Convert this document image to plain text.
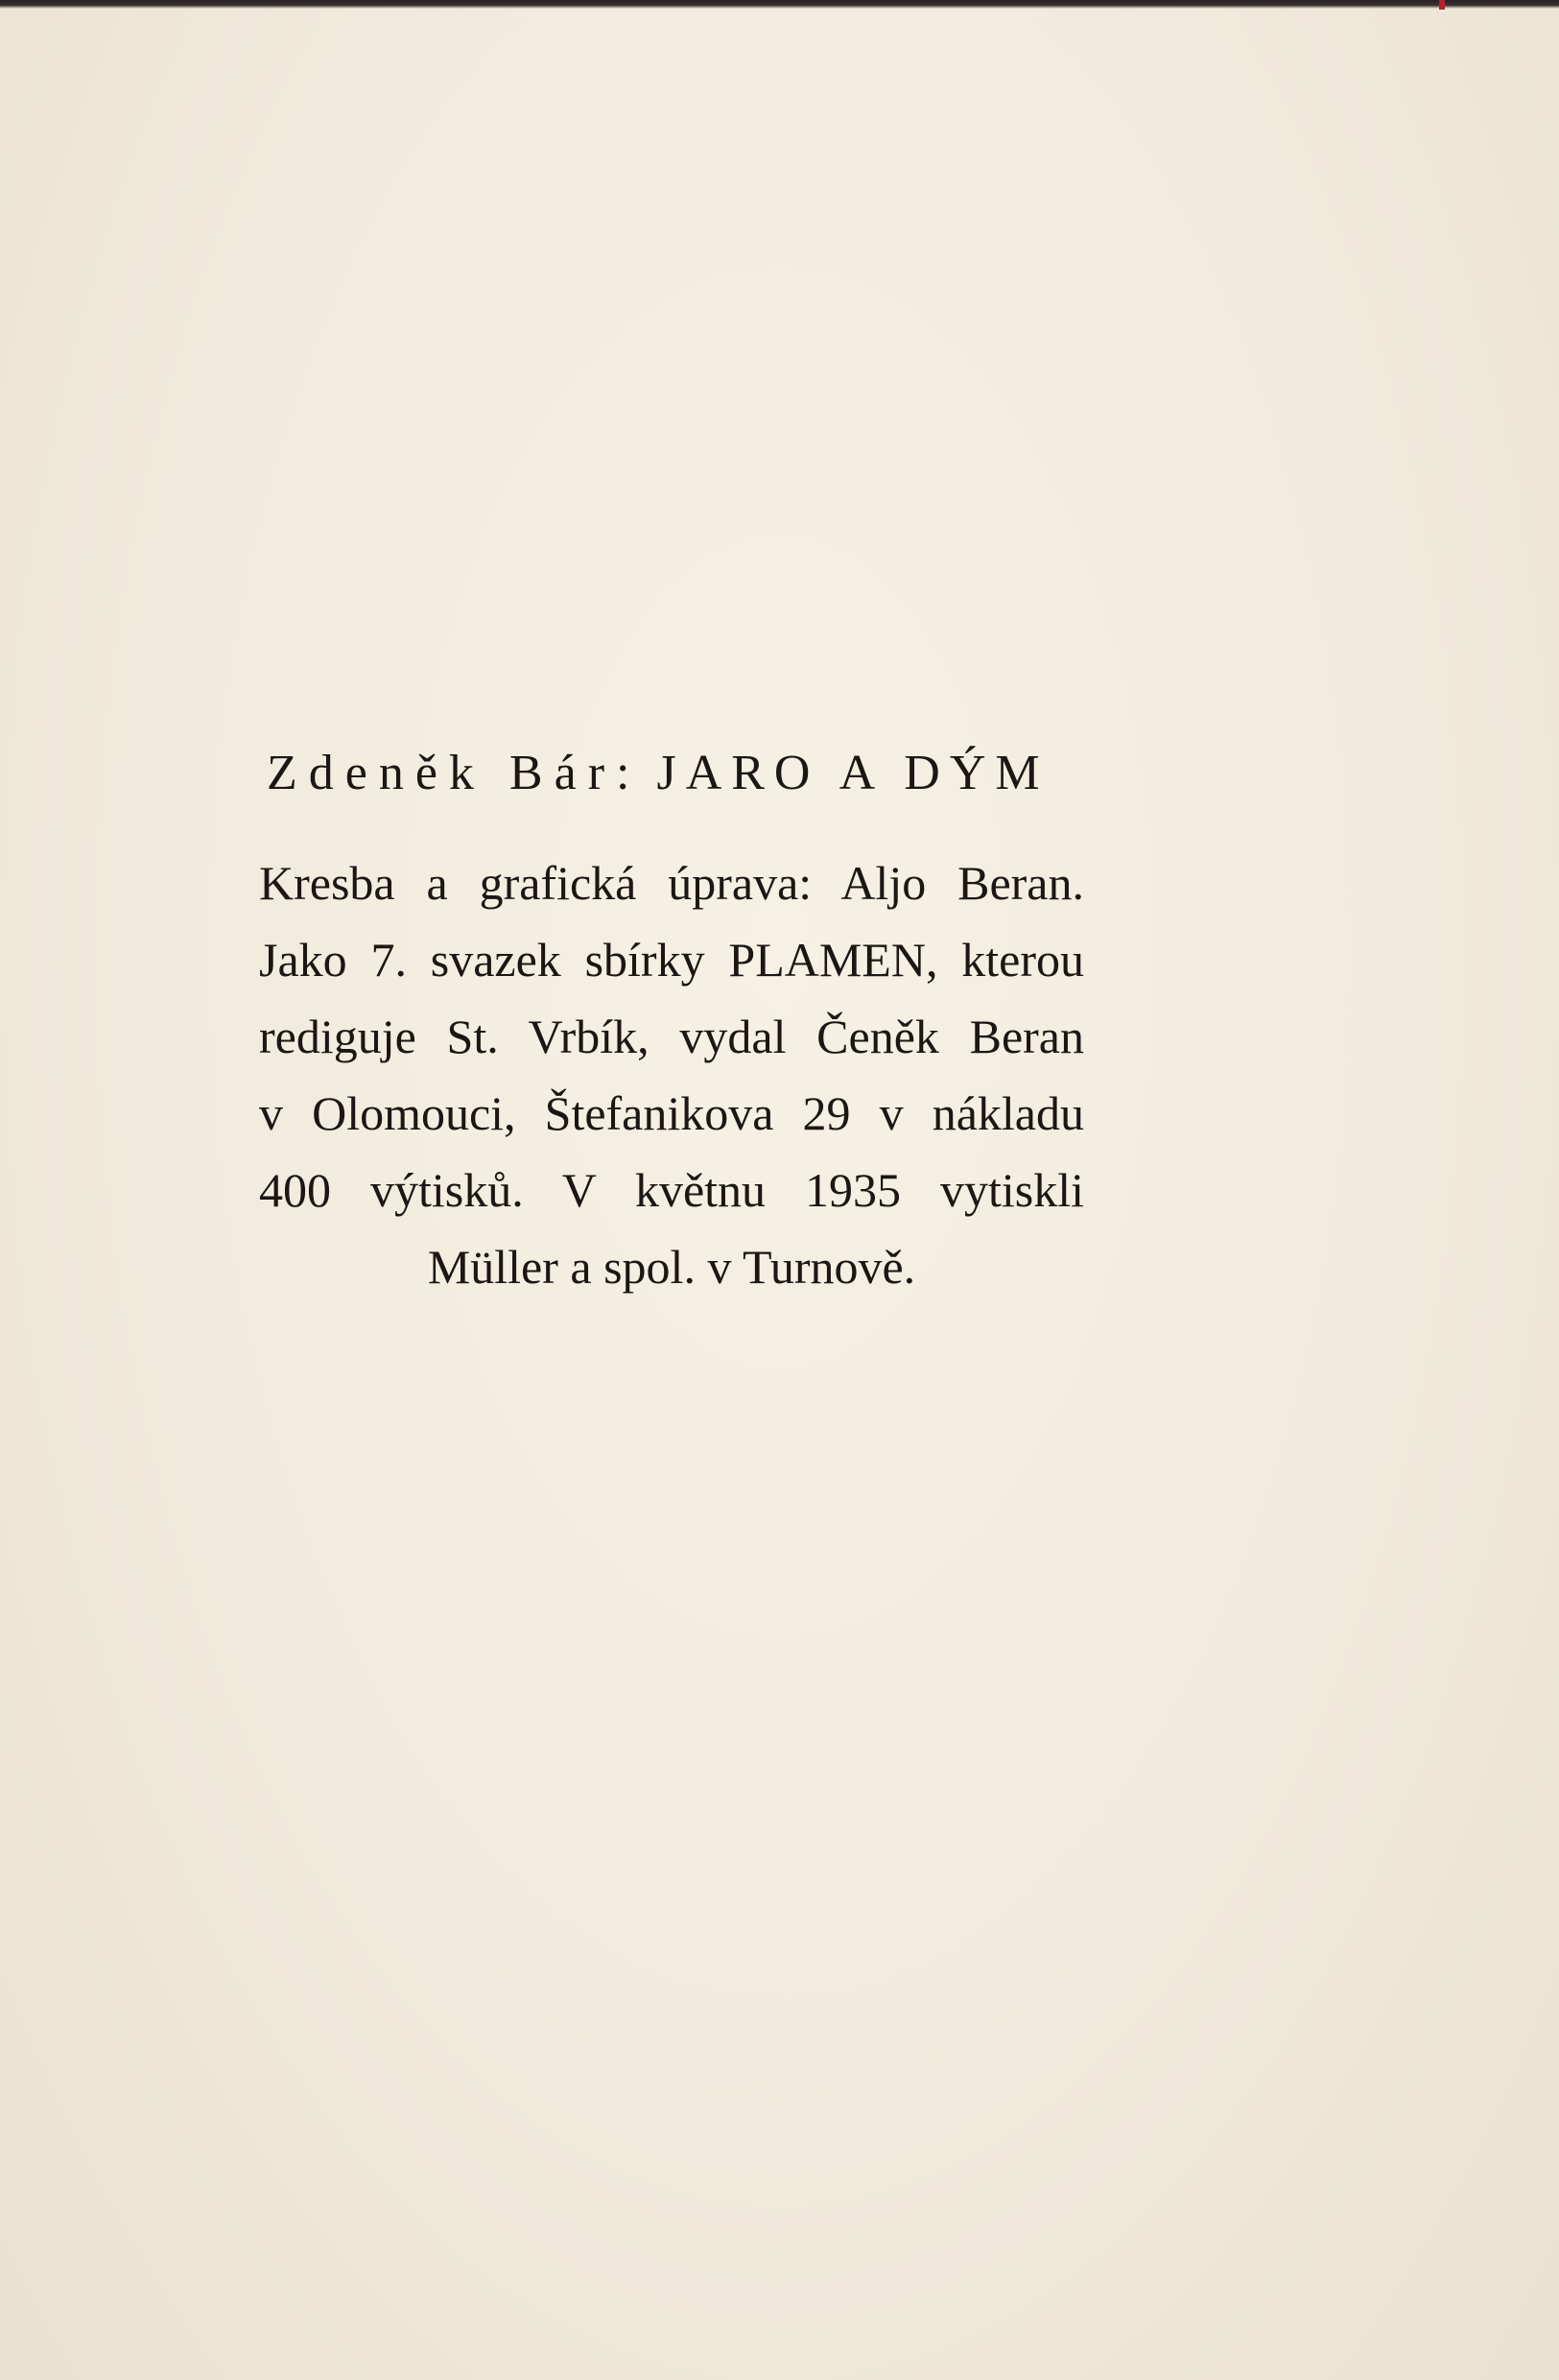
Zdeněk Bár: JARO A DÝM
Kresba a grafická úprava: Aljo Beran.
Jako 7. svazek sbírky PLAMEN, kterou
rediguje St. Vrbík, vydal Čeněk Beran
v Olomouci, Štefanikova 29 v nákladu
400 výtisků. V květnu 1935 vytiskli
Müller a spol. v Turnově.
